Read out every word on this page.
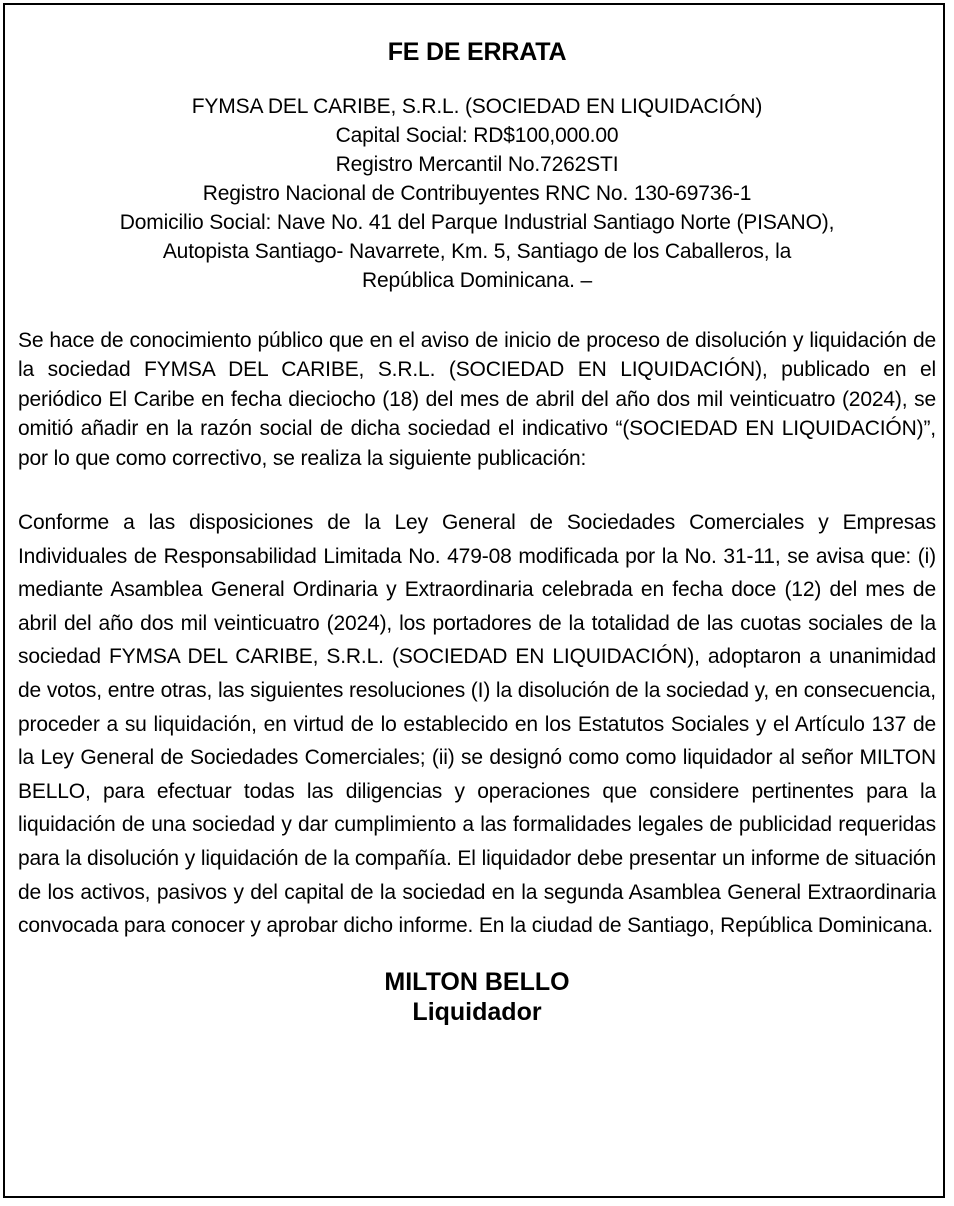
FE DE ERRATA
FYMSA DEL CARIBE, S.R.L. (SOCIEDAD EN LIQUIDACIÓN)
Capital Social: RD$100,000.00
Registro Mercantil No.7262STI
Registro Nacional de Contribuyentes RNC No. 130-69736-1
Domicilio Social: Nave No. 41 del Parque Industrial Santiago Norte (PISANO),
Autopista Santiago- Navarrete, Km. 5, Santiago de los Caballeros, la
República Dominicana. –

Se hace de conocimiento público que en el aviso de inicio de proceso de disolución y liquidación de la sociedad FYMSA DEL CARIBE, S.R.L. (SOCIEDAD EN LIQUIDACIÓN), publicado en el periódico El Caribe en fecha dieciocho (18) del mes de abril del año dos mil veinticuatro (2024), se omitió añadir en la razón social de dicha sociedad el indicativo “(SOCIEDAD EN LIQUIDACIÓN)”, por lo que como correctivo, se realiza la siguiente publicación:

Conforme a las disposiciones de la Ley General de Sociedades Comerciales y Empresas Individuales de Responsabilidad Limitada No. 479-08 modificada por la No. 31-11, se avisa que: (i) mediante Asamblea General Ordinaria y Extraordinaria celebrada en fecha doce (12) del mes de abril del año dos mil veinticuatro (2024), los portadores de la totalidad de las cuotas sociales de la sociedad FYMSA DEL CARIBE, S.R.L. (SOCIEDAD EN LIQUIDACIÓN), adoptaron a unanimidad de votos, entre otras, las siguientes resoluciones (I) la disolución de la sociedad y, en consecuencia, proceder a su liquidación, en virtud de lo establecido en los Estatutos Sociales y el Artículo 137 de la Ley General de Sociedades Comerciales; (ii) se designó como como liquidador al señor MILTON BELLO, para efectuar todas las diligencias y operaciones que considere pertinentes para la liquidación de una sociedad y dar cumplimiento a las formalidades legales de publicidad requeridas para la disolución y liquidación de la compañía. El liquidador debe presentar un informe de situación de los activos, pasivos y del capital de la sociedad en la segunda Asamblea General Extraordinaria convocada para conocer y aprobar dicho informe. En la ciudad de Santiago, República Dominicana.

MILTON BELLO
Liquidador
